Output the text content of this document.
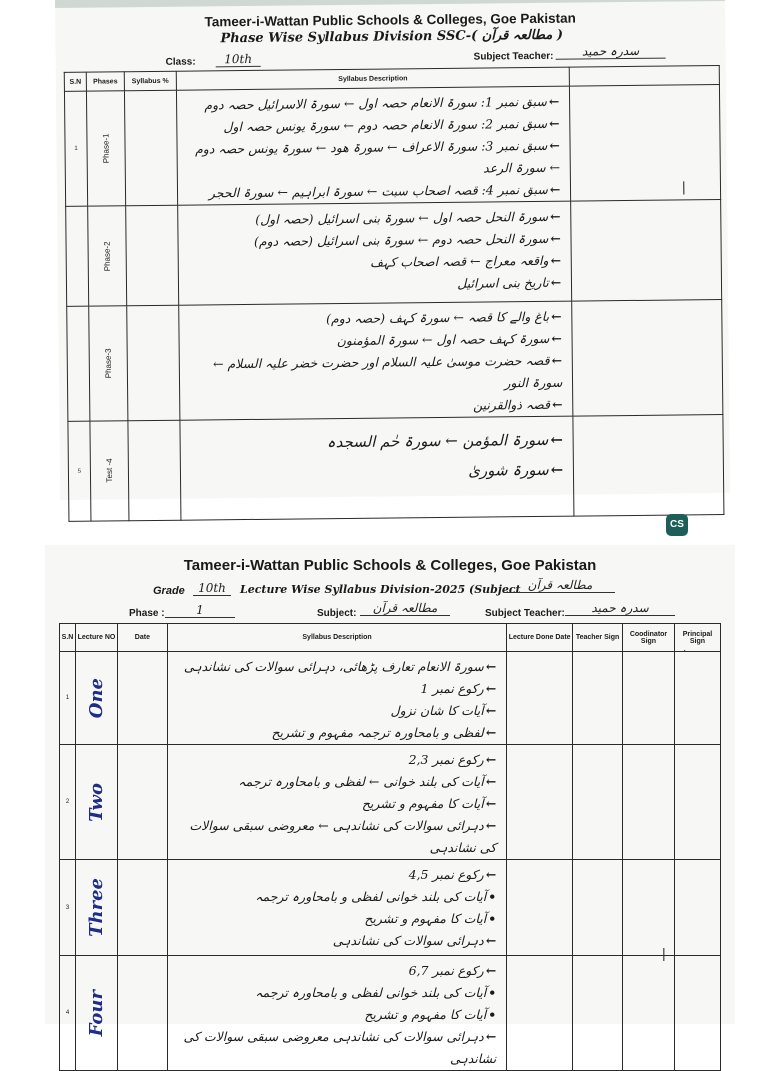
Tameer-i-Wattan Public Schools & Colleges, Goe Pakistan
Phase Wise Syllabus Division SSC-( مطالعہ قرآن )
Class:	10th	Subject Teacher:	سدرہ حمید
S.N	Phases	Syllabus %	Syllabus Description	
1	Phase-1		←سبق نمبر 1: سورۃ الانعام حصہ اول ← سورۃ الاسرائیل حصہ دوم
←سبق نمبر 2: سورۃ الانعام حصہ دوم ← سورۃ یونس حصہ اول
←سبق نمبر 3: سورۃ الاعراف ← سورۃ ھود ← سورۃ یونس حصہ دوم ← سورۃ الرعد
←سبق نمبر 4: قصہ اصحاب سبت ← سورۃ ابراہیم ← سورۃ الحجر	

	Phase-2		←سورۃ النحل حصہ اول ← سورۃ بنی اسرائیل (حصہ اول)
←سورۃ النحل حصہ دوم ← سورۃ بنی اسرائیل (حصہ دوم)
←واقعہ معراج ← قصہ اصحاب کہف
←تاریخ بنی اسرائیل	

	Phase-3		←باغ والے کا قصہ ← سورۃ کہف (حصہ دوم)
←سورۃ کہف حصہ اول ← سورۃ المؤمنون
←قصہ حضرت موسیٰ علیہ السلام اور حضرت خضر علیہ السلام ← سورۃ النور
←قصہ ذوالقرنین	

5	Test -4		←سورۃ المؤمن ← سورۃ حٰم السجدہ
←سورۃ شوریٰ	

|
CS
Tameer-i-Wattan Public Schools & Colleges, Goe Pakistan
Grade	10th	Lecture Wise Syllabus Division-2025 (Subject مطالعہ قرآن
Phase :	1	Subject:	مطالعہ قرآن	Subject Teacher:	سدرہ حمید
S.N	Lecture NO	Date	Syllabus Description	Lecture Done Date	Teacher Sign	Coodinator Sign	Principal Sign
1	One		←سورۃ الانعام تعارف پڑھائی، دہرائی سوالات کی نشاندہی
←رکوع نمبر 1
←آیات کا شان نزول
←لفظی و بامحاورہ ترجمہ مفہوم و تشریح				

2	Two		←رکوع نمبر 2,3
←آیات کی بلند خوانی ← لفظی و بامحاورہ ترجمہ
←آیات کا مفہوم و تشریح
←دہرائی سوالات کی نشاندہی ← معروضی سبقی سوالات کی نشاندہی				

3	Three		←رکوع نمبر 4,5
•آیات کی بلند خوانی لفظی و بامحاورہ ترجمہ
•آیات کا مفہوم و تشریح
←دہرائی سوالات کی نشاندہی				

4	Four		←رکوع نمبر 6,7
•آیات کی بلند خوانی لفظی و بامحاورہ ترجمہ
•آیات کا مفہوم و تشریح
←دہرائی سوالات کی نشاندہی معروضی سبقی سوالات کی نشاندہی				

|
·
